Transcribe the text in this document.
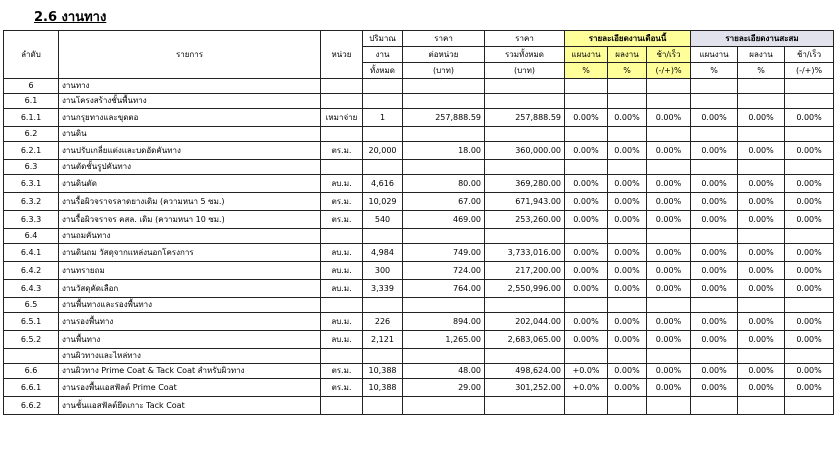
2.6 งานทาง
ลำดับ	รายการ	หน่วย	ปริมาณ	ราคา	ราคา	รายละเอียดงานเดือนนี้			รายละเอียดงานสะสม		
			งาน	ต่อหน่วย	รวมทั้งหมด	แผนงาน	ผลงาน	ช้า/เร็ว	แผนงาน	ผลงาน	ช้า/เร็ว
			ทั้งหมด	(บาท)	(บาท)	%	%	(-/+)%	%	%	(-/+)%
6	งานทาง										
6.1	งานโครงสร้างชั้นพื้นทาง										
6.1.1	งานกรุยทางและขุดตอ	เหมาจ่าย	1	257,888.59	257,888.59	0.00%	0.00%	0.00%	0.00%	0.00%	0.00%
6.2	งานดิน										
6.2.1	งานปรับเกลี่ยแต่งและบดอัดคันทาง	ตร.ม.	20,000	18.00	360,000.00	0.00%	0.00%	0.00%	0.00%	0.00%	0.00%
6.3	งานตัดชั้นรูปคันทาง										
6.3.1	งานดินตัด	ลบ.ม.	4,616	80.00	369,280.00	0.00%	0.00%	0.00%	0.00%	0.00%	0.00%
6.3.2	งานรื้อผิวจราจรลาดยางเดิม (ความหนา 5 ซม.)	ตร.ม.	10,029	67.00	671,943.00	0.00%	0.00%	0.00%	0.00%	0.00%	0.00%
6.3.3	งานรื้อผิวจราจร คสล. เดิม (ความหนา 10 ซม.)	ตร.ม.	540	469.00	253,260.00	0.00%	0.00%	0.00%	0.00%	0.00%	0.00%
6.4	งานถมคันทาง										
6.4.1	งานดินถม วัสดุจากแหล่งนอกโครงการ	ลบ.ม.	4,984	749.00	3,733,016.00	0.00%	0.00%	0.00%	0.00%	0.00%	0.00%
6.4.2	งานทรายถม	ลบ.ม.	300	724.00	217,200.00	0.00%	0.00%	0.00%	0.00%	0.00%	0.00%
6.4.3	งานวัสดุคัดเลือก	ลบ.ม.	3,339	764.00	2,550,996.00	0.00%	0.00%	0.00%	0.00%	0.00%	0.00%
6.5	งานพื้นทางและรองพื้นทาง										
6.5.1	งานรองพื้นทาง	ลบ.ม.	226	894.00	202,044.00	0.00%	0.00%	0.00%	0.00%	0.00%	0.00%
6.5.2	งานพื้นทาง	ลบ.ม.	2,121	1,265.00	2,683,065.00	0.00%	0.00%	0.00%	0.00%	0.00%	0.00%
	งานผิวทางและไหล่ทาง										
6.6	งานผิวทาง Prime Coat & Tack Coat สำหรับผิวทาง	ตร.ม.	10,388	48.00	498,624.00	+0.0%	0.00%	0.00%	0.00%	0.00%	0.00%
6.6.1	งานรองพื้นแอสฟัลต์ Prime Coat	ตร.ม.	10,388	29.00	301,252.00	+0.0%	0.00%	0.00%	0.00%	0.00%	0.00%
6.6.2	งานชั้นแอสฟัลต์ยึดเกาะ Tack Coat										
